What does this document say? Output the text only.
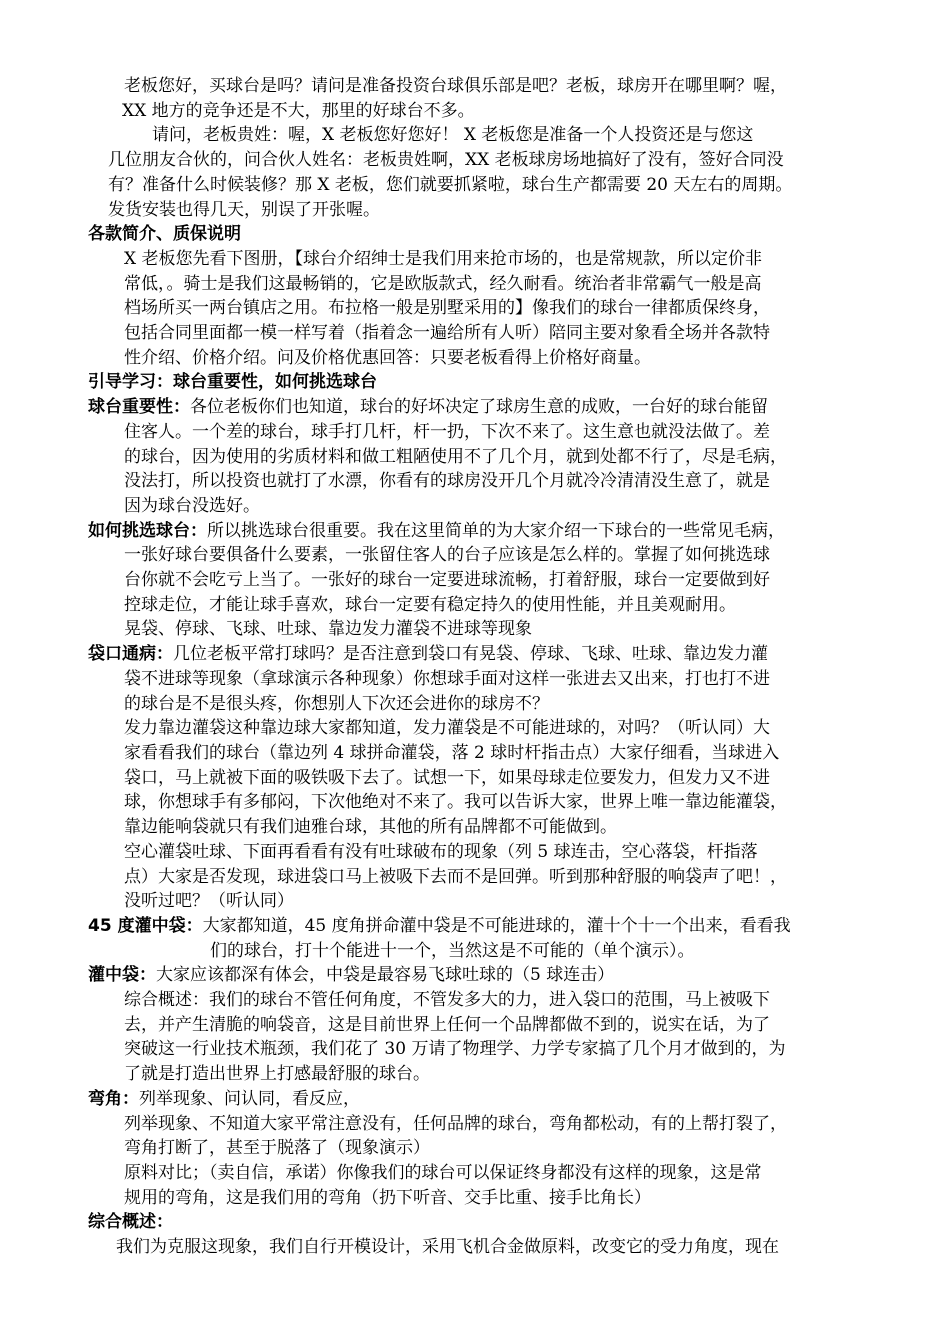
老板您好，买球台是吗？请问是准备投资台球俱乐部是吧？老板，球房开在哪里啊？喔，
XX 地方的竞争还是不大，那里的好球台不多。
请问，老板贵姓：喔，X 老板您好您好！ X 老板您是准备一个人投资还是与您这
几位朋友合伙的，问合伙人姓名：老板贵姓啊，XX 老板球房场地搞好了没有，签好合同没
有？准备什么时候装修？那 X 老板，您们就要抓紧啦，球台生产都需要 20 天左右的周期。
发货安装也得几天，别误了开张喔。
各款简介、质保说明
X 老板您先看下图册，【球台介绍绅士是我们用来抢市场的，也是常规款，所以定价非
常低，。骑士是我们这最畅销的，它是欧版款式，经久耐看。统治者非常霸气一般是高
档场所买一两台镇店之用。布拉格一般是别墅采用的】像我们的球台一律都质保终身，
包括合同里面都一模一样写着（指着念一遍给所有人听）陪同主要对象看全场并各款特
性介绍、价格介绍。问及价格优惠回答：只要老板看得上价格好商量。
引导学习：球台重要性，如何挑选球台
球台重要性：各位老板你们也知道，球台的好坏决定了球房生意的成败，一台好的球台能留
住客人。一个差的球台，球手打几杆，杆一扔，下次不来了。这生意也就没法做了。差
的球台，因为使用的劣质材料和做工粗陋使用不了几个月，就到处都不行了，尽是毛病，
没法打，所以投资也就打了水漂，你看有的球房没开几个月就冷冷清清没生意了，就是
因为球台没选好。
如何挑选球台：所以挑选球台很重要。我在这里简单的为大家介绍一下球台的一些常见毛病，
一张好球台要俱备什么要素，一张留住客人的台子应该是怎么样的。掌握了如何挑选球
台你就不会吃亏上当了。一张好的球台一定要进球流畅，打着舒服，球台一定要做到好
控球走位，才能让球手喜欢，球台一定要有稳定持久的使用性能，并且美观耐用。
晃袋、停球、飞球、吐球、靠边发力灌袋不进球等现象
袋口通病：几位老板平常打球吗？是否注意到袋口有晃袋、停球、飞球、吐球、靠边发力灌
袋不进球等现象（拿球演示各种现象）你想球手面对这样一张进去又出来，打也打不进
的球台是不是很头疼，你想别人下次还会进你的球房不？
发力靠边灌袋这种靠边球大家都知道，发力灌袋是不可能进球的，对吗？（听认同）大
家看看我们的球台（靠边列 4 球拼命灌袋，落 2 球时杆指击点）大家仔细看，当球进入
袋口，马上就被下面的吸铁吸下去了。试想一下，如果母球走位要发力，但发力又不进
球，你想球手有多郁闷，下次他绝对不来了。我可以告诉大家，世界上唯一靠边能灌袋，
靠边能响袋就只有我们迪雅台球，其他的所有品牌都不可能做到。
空心灌袋吐球、下面再看看有没有吐球破布的现象（列 5 球连击，空心落袋，杆指落
点）大家是否发现，球进袋口马上被吸下去而不是回弹。听到那种舒服的响袋声了吧！，
没听过吧？（听认同）
45 度灌中袋：大家都知道，45 度角拼命灌中袋是不可能进球的，灌十个十一个出来，看看我
们的球台，打十个能进十一个，当然这是不可能的（单个演示）。
灌中袋：大家应该都深有体会，中袋是最容易飞球吐球的（5 球连击）
综合概述：我们的球台不管任何角度，不管发多大的力，进入袋口的范围，马上被吸下
去，并产生清脆的响袋音，这是目前世界上任何一个品牌都做不到的，说实在话，为了
突破这一行业技术瓶颈，我们花了 30 万请了物理学、力学专家搞了几个月才做到的，为
了就是打造出世界上打感最舒服的球台。
弯角：列举现象、问认同，看反应，
列举现象、不知道大家平常注意没有，任何品牌的球台，弯角都松动，有的上帮打裂了，
弯角打断了，甚至于脱落了（现象演示）
原料对比；（卖自信，承诺）你像我们的球台可以保证终身都没有这样的现象，这是常
规用的弯角，这是我们用的弯角（扔下听音、交手比重、接手比角长）
综合概述：
我们为克服这现象，我们自行开模设计，采用飞机合金做原料，改变它的受力角度，现在
